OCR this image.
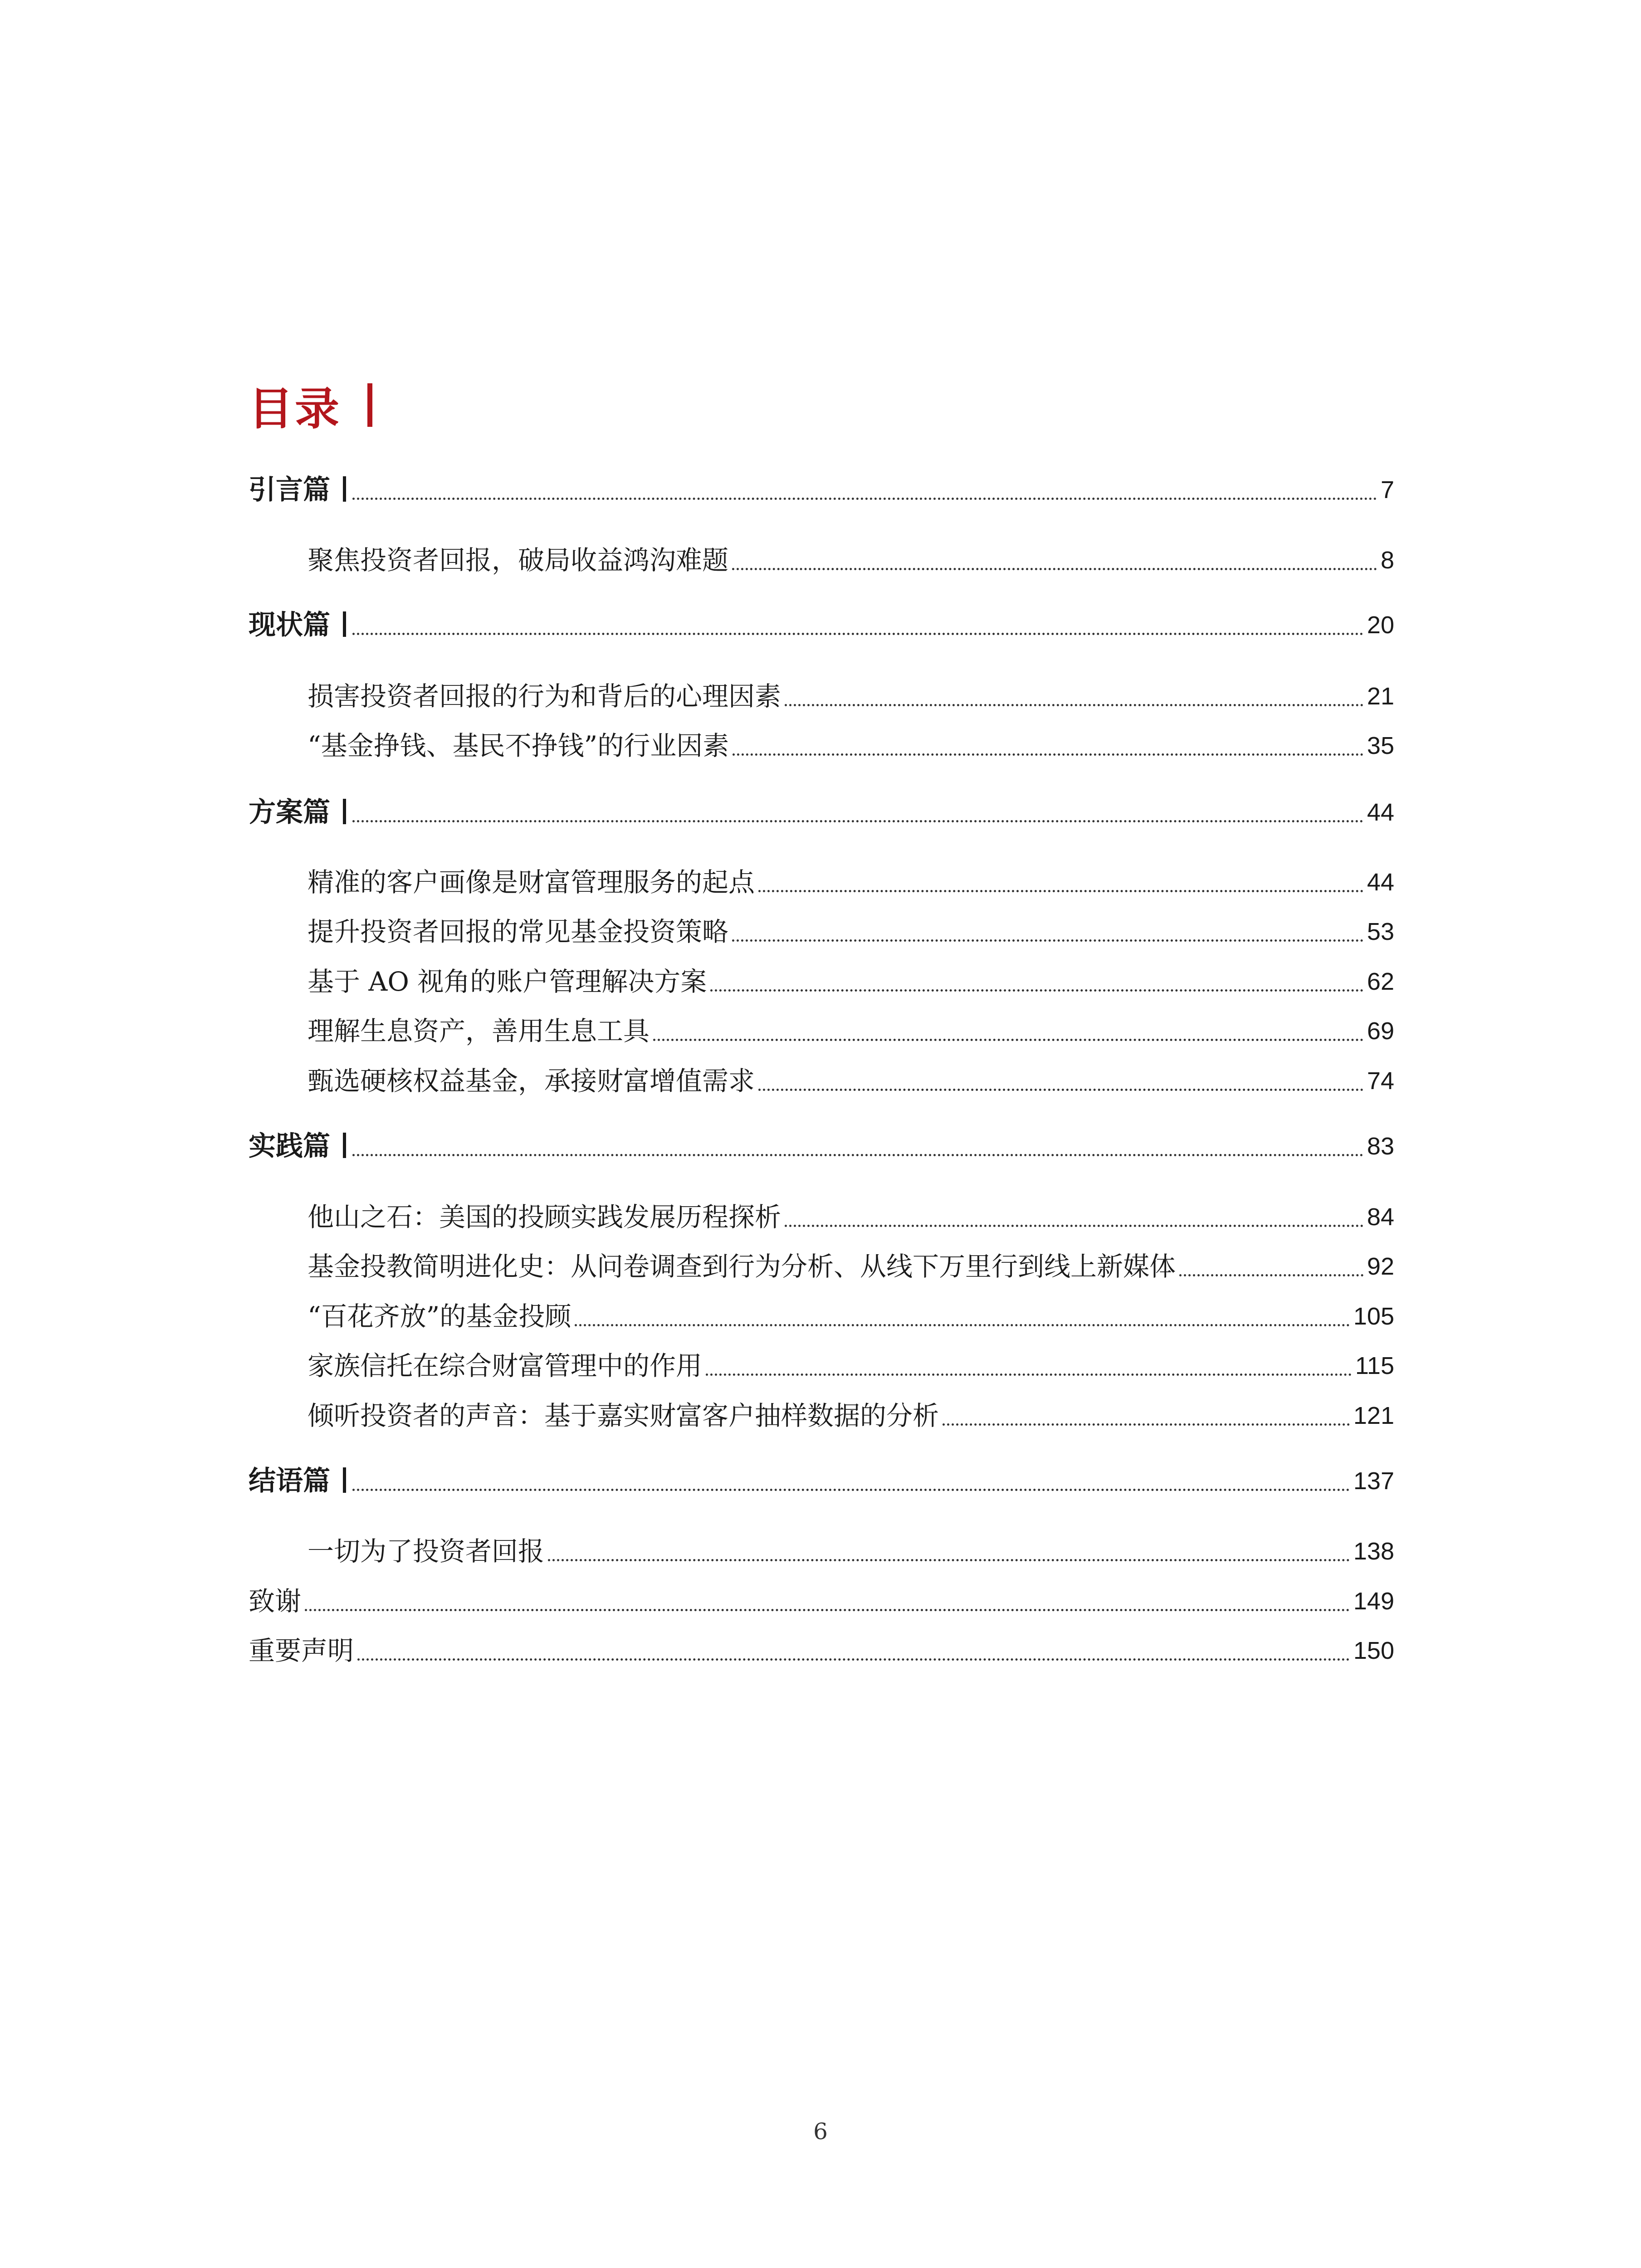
目录
引言篇	7
聚焦投资者回报，破局收益鸿沟难题	8
现状篇	20
损害投资者回报的行为和背后的心理因素	21
“基金挣钱、基民不挣钱”的行业因素	35
方案篇	44
精准的客户画像是财富管理服务的起点	44
提升投资者回报的常见基金投资策略	53
基于 AO 视角的账户管理解决方案	62
理解生息资产，善用生息工具	69
甄选硬核权益基金，承接财富增值需求	74
实践篇	83
他山之石：美国的投顾实践发展历程探析	84
基金投教简明进化史：从问卷调查到行为分析、从线下万里行到线上新媒体	92
“百花齐放”的基金投顾	105
家族信托在综合财富管理中的作用	115
倾听投资者的声音：基于嘉实财富客户抽样数据的分析	121
结语篇	137
一切为了投资者回报	138
致谢	149
重要声明	150
6
